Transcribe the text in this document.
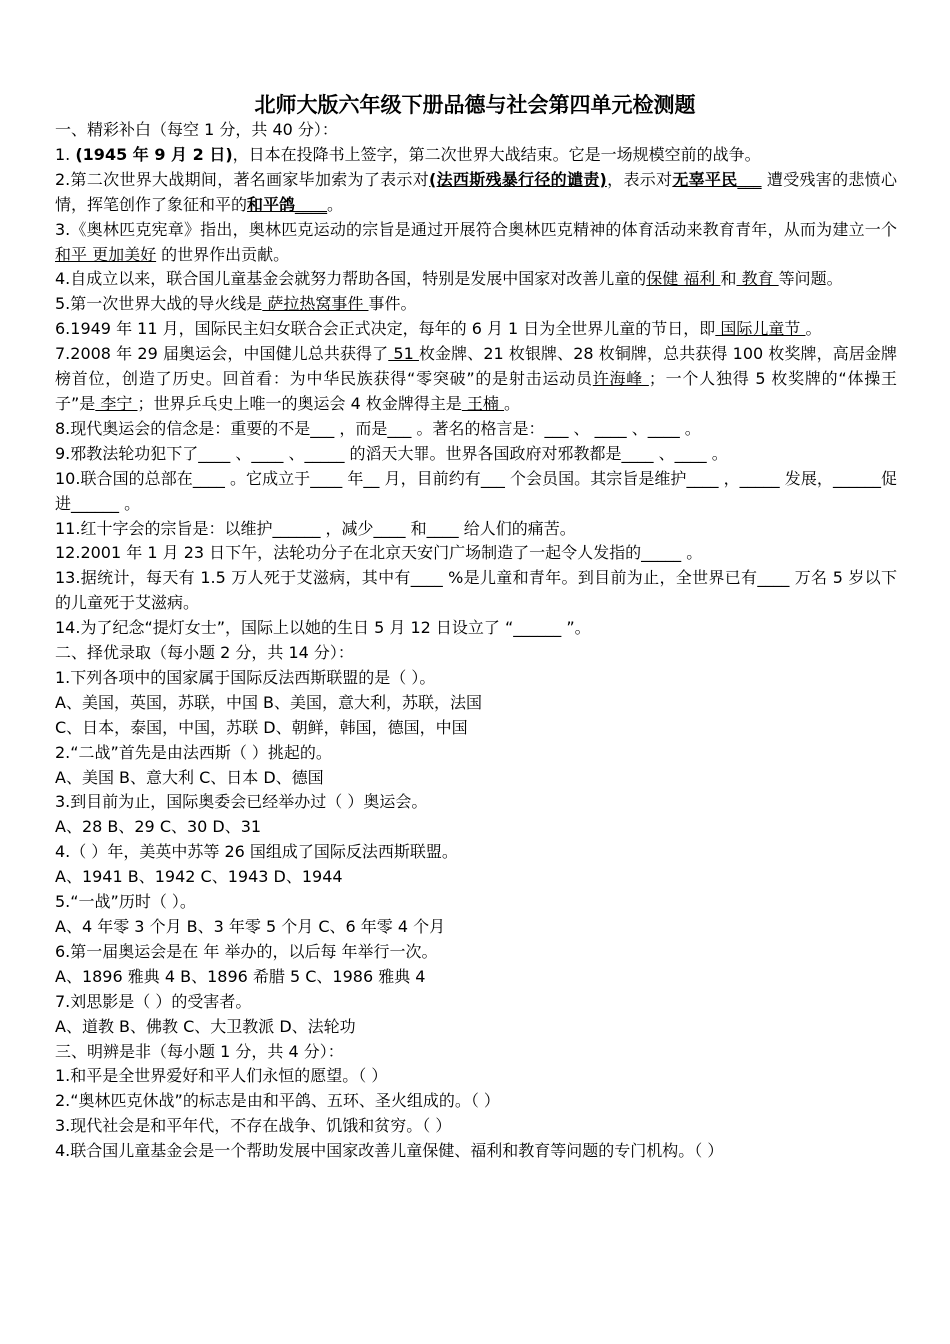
北师大版六年级下册品德与社会第四单元检测题
一、精彩补白（每空 1 分，共 40 分）：
1. (1945 年 9 月 2 日)，日本在投降书上签字，第二次世界大战结束。它是一场规模空前的战争。
2.第二次世界大战期间，著名画家毕加索为了表示对(法西斯残暴行径的谴责)，表示对无辜平民___ 遭受残害的悲愤心情，挥笔创作了象征和平的和平鸽____。
3.《奥林匹克宪章》指出，奥林匹克运动的宗旨是通过开展符合奥林匹克精神的体育活动来教育青年，从而为建立一个和平 更加美好 的世界作出贡献。
4.自成立以来，联合国儿童基金会就努力帮助各国，特别是发展中国家对改善儿童的保健 福利 和 教育 等问题。
5.第一次世界大战的导火线是 萨拉热窝事件 事件。
6.1949 年 11 月，国际民主妇女联合会正式决定，每年的 6 月 1 日为全世界儿童的节日，即 国际儿童节 。
7.2008 年 29 届奥运会，中国健儿总共获得了 51 枚金牌、21 枚银牌、28 枚铜牌，总共获得 100 枚奖牌，高居金牌榜首位，创造了历史。回首看：为中华民族获得“零突破”的是射击运动员许海峰 ；一个人独得 5 枚奖牌的“体操王子”是 李宁 ；世界乒乓史上唯一的奥运会 4 枚金牌得主是 王楠 。
8.现代奥运会的信念是：重要的不是___ ，而是___ 。著名的格言是：___ 、 ____ 、____ 。
9.邪教法轮功犯下了____ 、____ 、_____ 的滔天大罪。世界各国政府对邪教都是____ 、____ 。
10.联合国的总部在____ 。它成立于____ 年__ 月，目前约有___ 个会员国。其宗旨是维护____ ，_____ 发展，______促进______ 。
11.红十字会的宗旨是：以维护______ ，减少____ 和____ 给人们的痛苦。
12.2001 年 1 月 23 日下午，法轮功分子在北京天安门广场制造了一起令人发指的_____ 。
13.据统计，每天有 1.5 万人死于艾滋病，其中有____ %是儿童和青年。到目前为止，全世界已有____ 万名 5 岁以下的儿童死于艾滋病。
14.为了纪念“提灯女士”，国际上以她的生日 5 月 12 日设立了 “______ ”。
二、择优录取（每小题 2 分，共 14 分）：
1.下列各项中的国家属于国际反法西斯联盟的是（ ）。
A、美国，英国，苏联，中国 B、美国，意大利，苏联，法国
C、日本，泰国，中国，苏联 D、朝鲜，韩国，德国，中国
2.“二战”首先是由法西斯（ ）挑起的。
A、美国 B、意大利 C、日本 D、德国
3.到目前为止，国际奥委会已经举办过（ ）奥运会。
A、28 B、29 C、30 D、31
4.（ ）年，美英中苏等 26 国组成了国际反法西斯联盟。
A、1941 B、1942 C、1943 D、1944
5.“一战”历时（ ）。
A、4 年零 3 个月 B、3 年零 5 个月 C、6 年零 4 个月
6.第一届奥运会是在 年 举办的，以后每 年举行一次。
A、1896 雅典 4 B、1896 希腊 5 C、1986 雅典 4
7.刘思影是（ ）的受害者。
A、道教 B、佛教 C、大卫教派 D、法轮功
三、明辨是非（每小题 1 分，共 4 分）：
1.和平是全世界爱好和平人们永恒的愿望。（ ）
2.“奥林匹克休战”的标志是由和平鸽、五环、圣火组成的。（ ）
3.现代社会是和平年代，不存在战争、饥饿和贫穷。（ ）
4.联合国儿童基金会是一个帮助发展中国家改善儿童保健、福利和教育等问题的专门机构。（ ）
